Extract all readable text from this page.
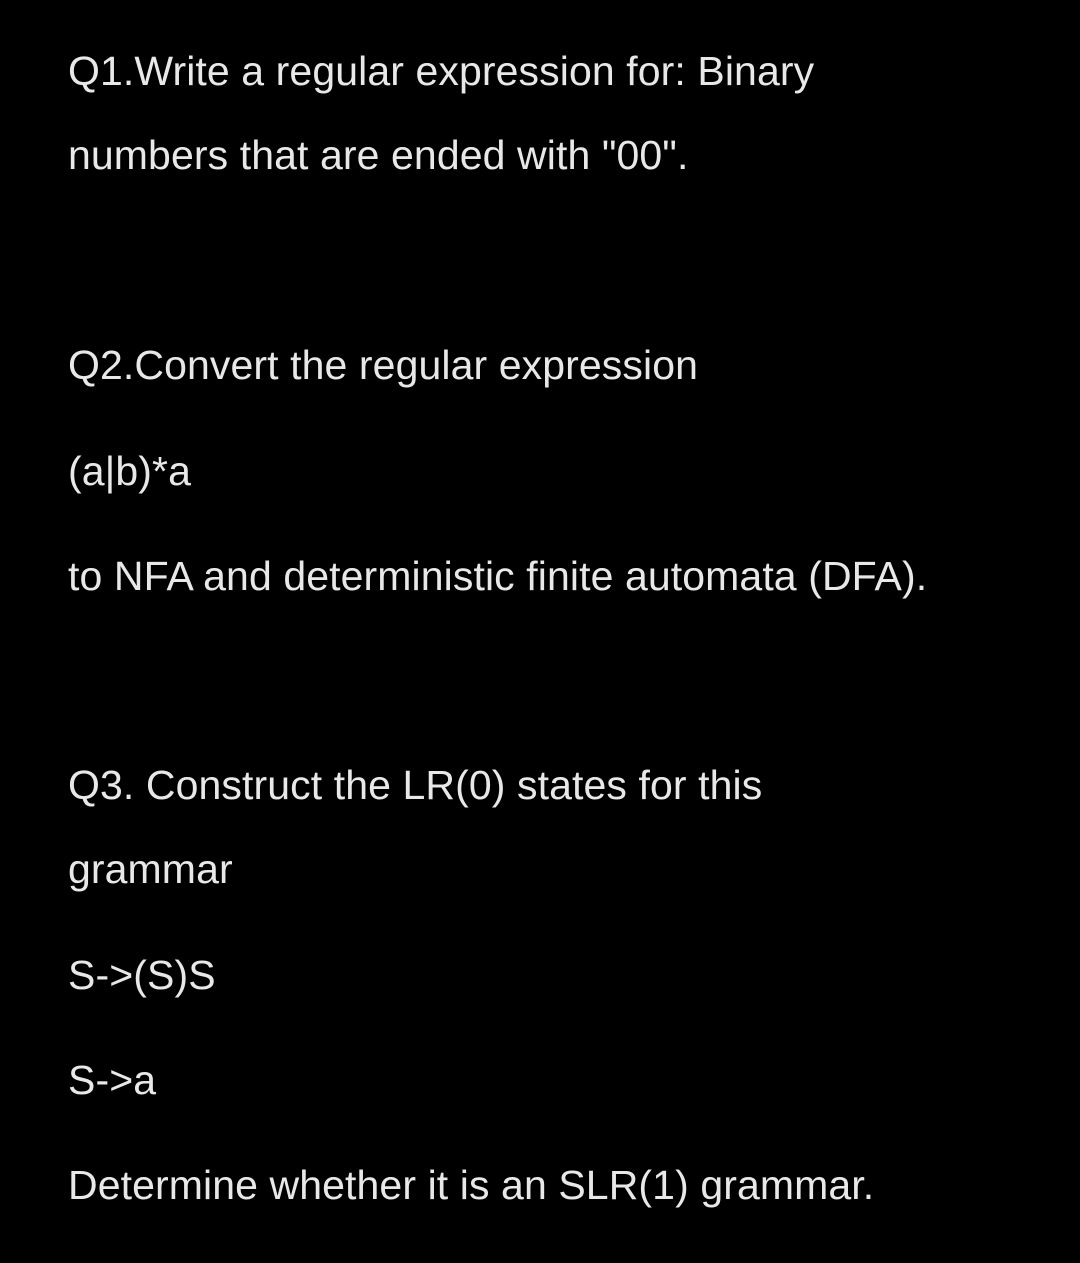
Q1.Write a regular expression for: Binary
numbers that are ended with "00".
Q2.Convert the regular expression
(a|b)*a
to NFA and deterministic finite automata (DFA).
Q3. Construct the LR(0) states for this
grammar
S->(S)S
S->a
Determine whether it is an SLR(1) grammar.
